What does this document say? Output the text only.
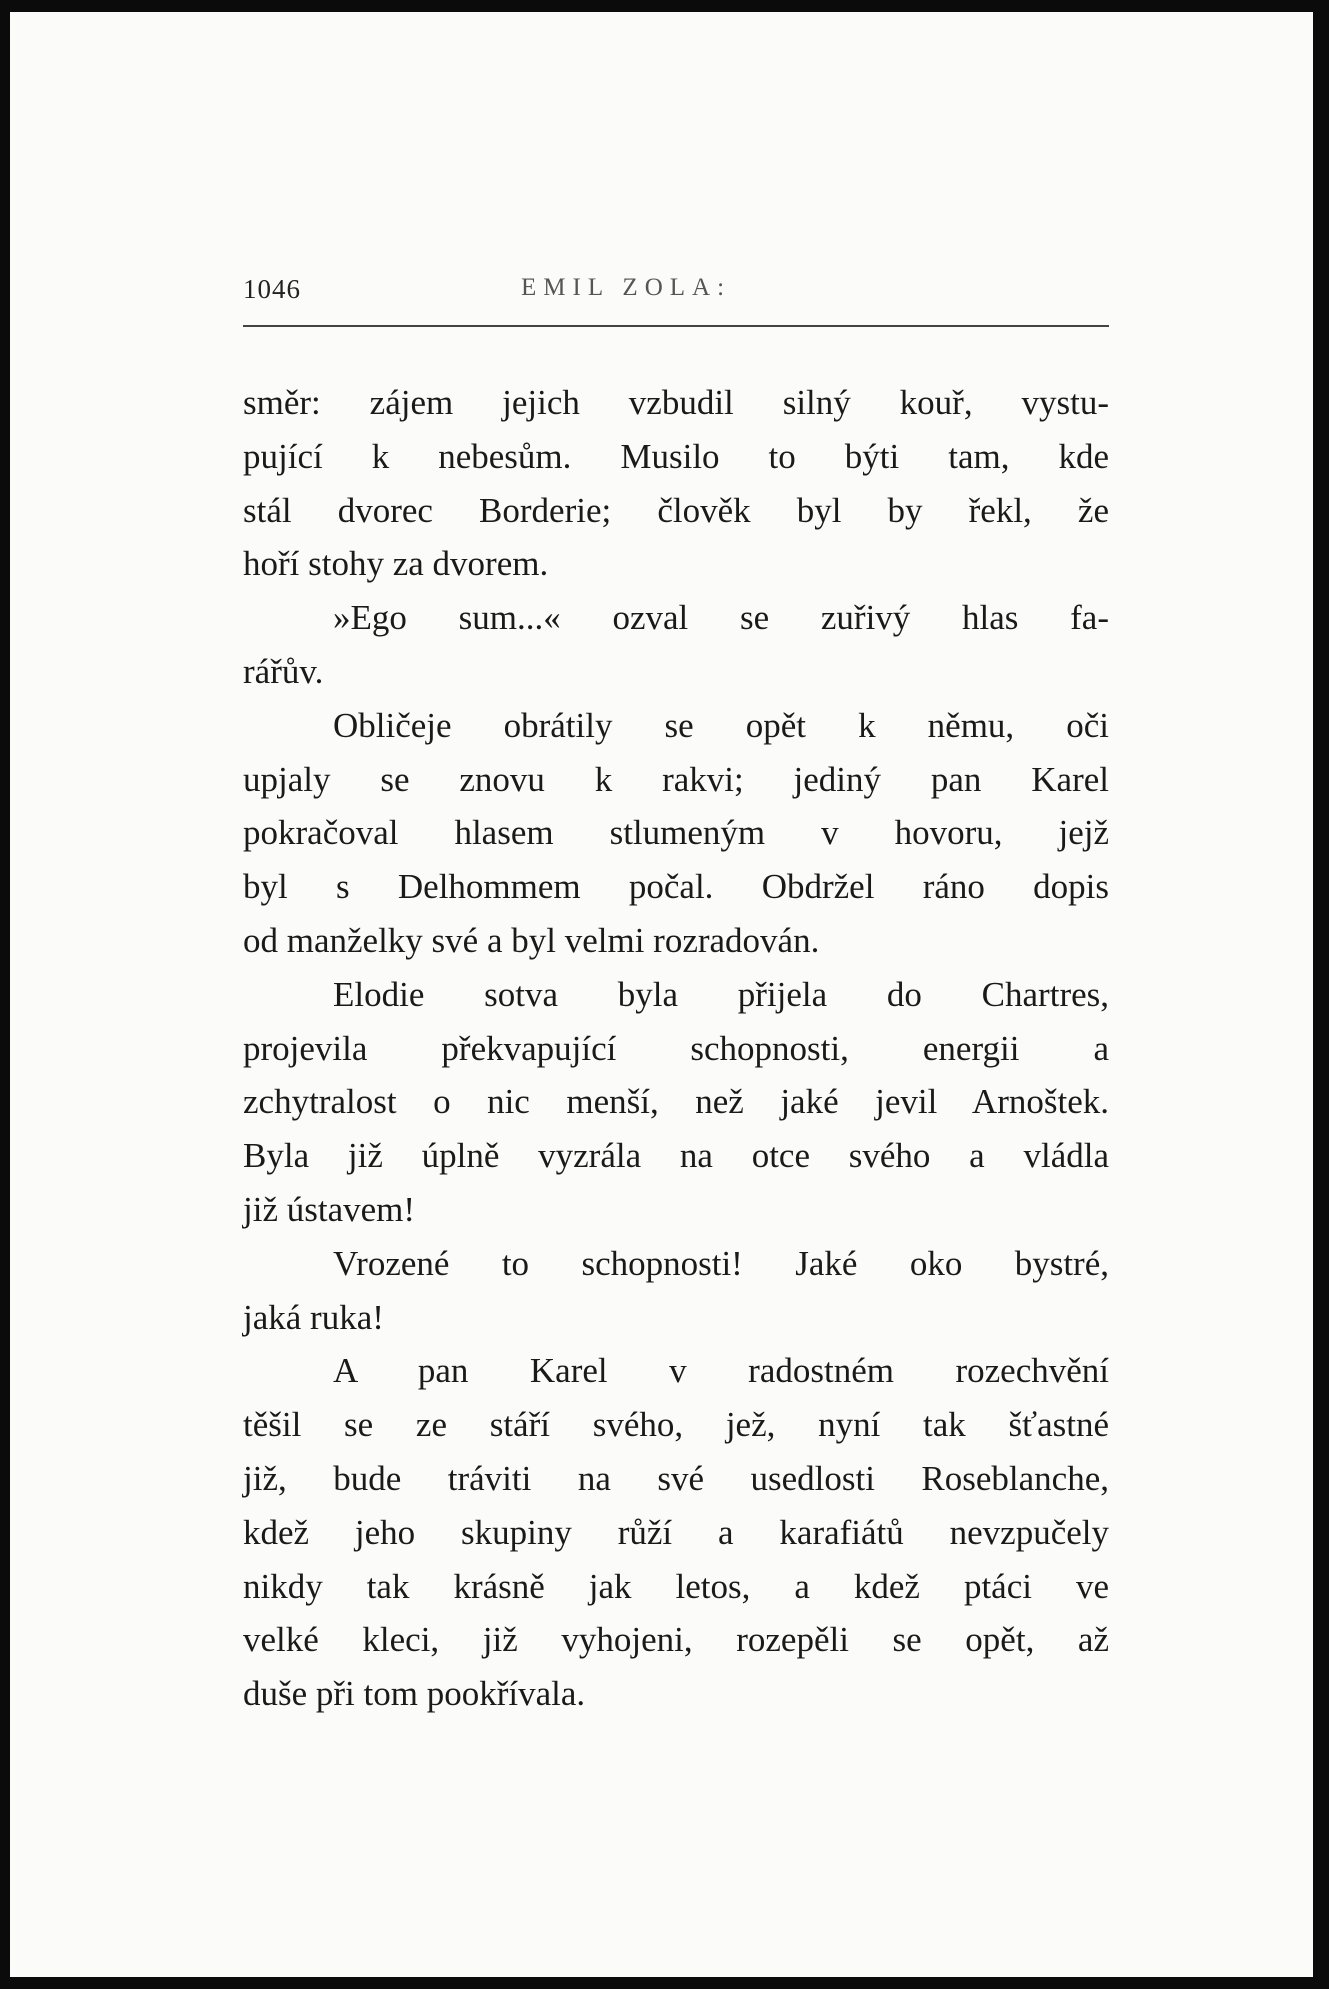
1046	EMIL ZOLA:
směr: zájem jejich vzbudil silný kouř, vystu-
pující k nebesům. Musilo to býti tam, kde
stál dvorec Borderie; člověk byl by řekl, že
hoří stohy za dvorem.
»Ego sum...« ozval se zuřivý hlas fa-
rářův.
Obličeje obrátily se opět k němu, oči
upjaly se znovu k rakvi; jediný pan Karel
pokračoval hlasem stlumeným v hovoru, jejž
byl s Delhommem počal. Obdržel ráno dopis
od manželky své a byl velmi rozradován.
Elodie sotva byla přijela do Chartres,
projevila překvapující schopnosti, energii a
zchytralost o nic menší, než jaké jevil Arnoštek.
Byla již úplně vyzrála na otce svého a vládla
již ústavem!
Vrozené to schopnosti! Jaké oko bystré,
jaká ruka!
A pan Karel v radostném rozechvění
těšil se ze stáří svého, jež, nyní tak šťastné
již, bude tráviti na své usedlosti Roseblanche,
kdež jeho skupiny růží a karafiátů nevzpučely
nikdy tak krásně jak letos, a kdež ptáci ve
velké kleci, již vyhojeni, rozepěli se opět, až
duše při tom pookřívala.
